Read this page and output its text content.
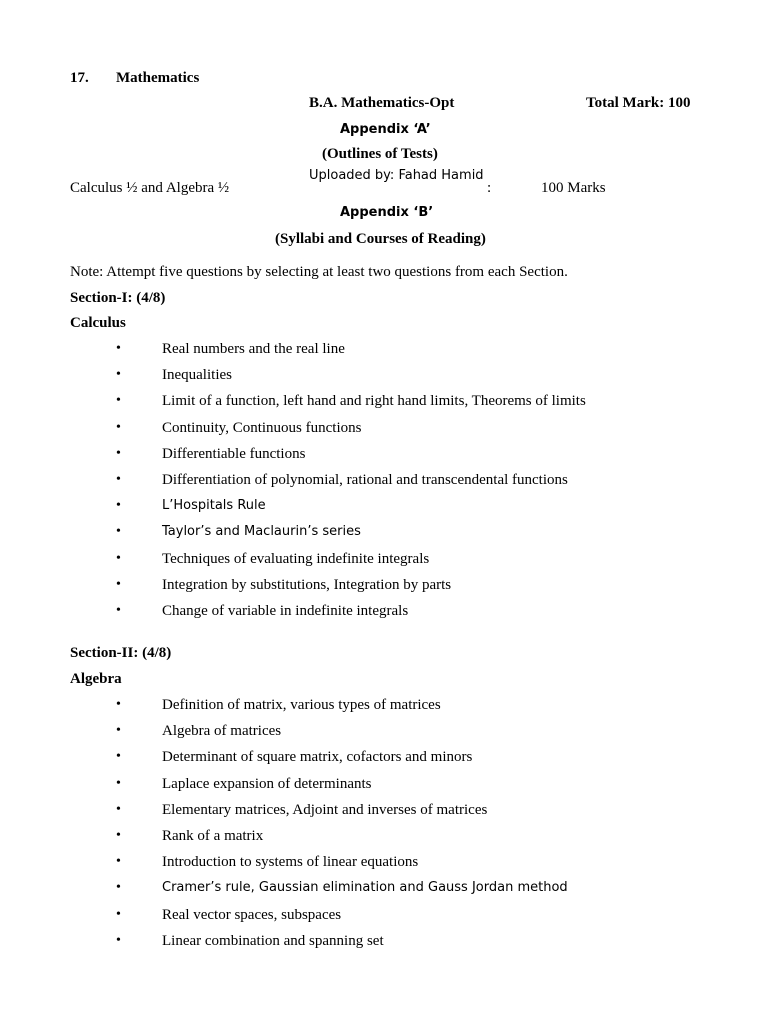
17. Mathematics
B.A. Mathematics-Opt	Total Mark: 100
Appendix ‘A’
(Outlines of Tests)
Uploaded by: Fahad Hamid
Calculus ½ and Algebra ½	:	100 Marks
Appendix ‘B’
(Syllabi and Courses of Reading)
Note: Attempt five questions by selecting at least two questions from each Section.
Section-I: (4/8)
Calculus
•	Real numbers and the real line
•	Inequalities
•	Limit of a function, left hand and right hand limits, Theorems of limits
•	Continuity, Continuous functions
•	Differentiable functions
•	Differentiation of polynomial, rational and transcendental functions
•	L’Hospitals Rule
•	Taylor’s and Maclaurin’s series
•	Techniques of evaluating indefinite integrals
•	Integration by substitutions, Integration by parts
•	Change of variable in indefinite integrals
Section-II: (4/8)
Algebra
•	Definition of matrix, various types of matrices
•	Algebra of matrices
•	Determinant of square matrix, cofactors and minors
•	Laplace expansion of determinants
•	Elementary matrices, Adjoint and inverses of matrices
•	Rank of a matrix
•	Introduction to systems of linear equations
•	Cramer’s rule, Gaussian elimination and Gauss Jordan method
•	Real vector spaces, subspaces
•	Linear combination and spanning set
